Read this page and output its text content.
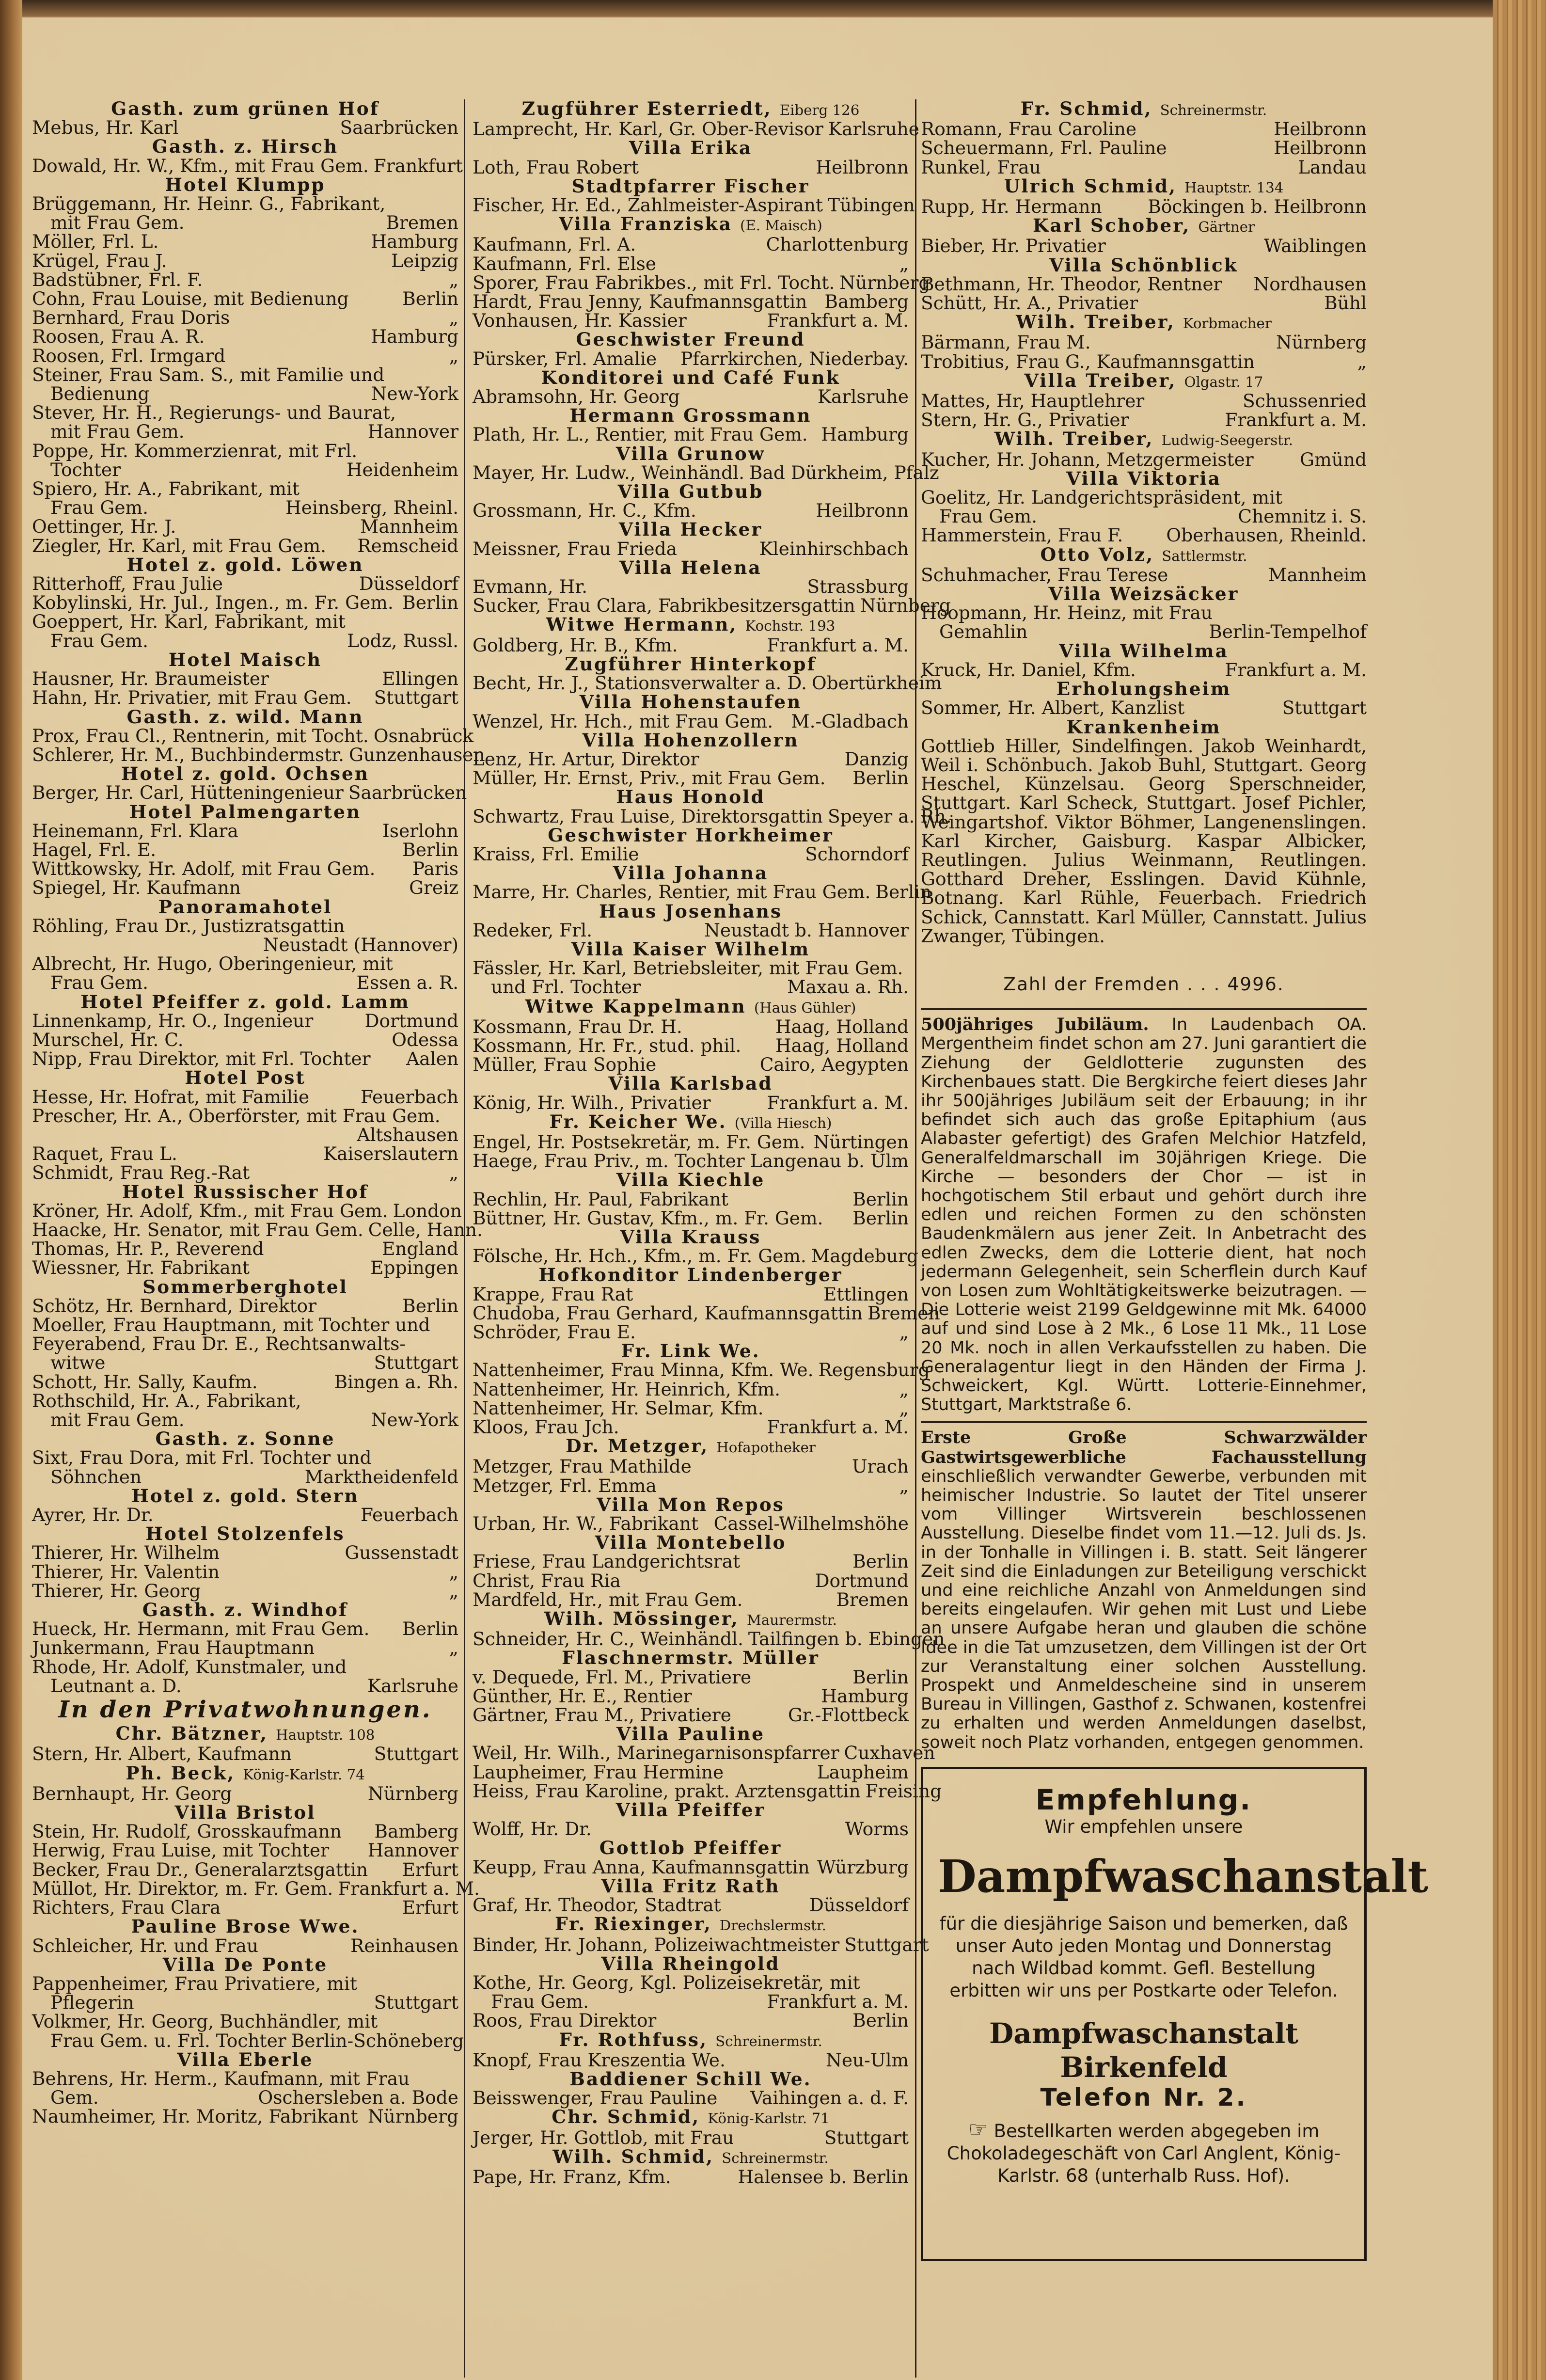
Gasth. zum grünen Hof
Mebus, Hr. Karl	Saarbrücken
Gasth. z. Hirsch
Dowald, Hr. W., Kfm., mit Frau Gem. Frankfurt
Hotel Klumpp
Brüggemann, Hr. Heinr. G., Fabrikant,
mit Frau Gem.	Bremen
Möller, Frl. L.	Hamburg
Krügel, Frau J.	Leipzig
Badstübner, Frl. F.	„
Cohn, Frau Louise, mit Bedienung	Berlin
Bernhard, Frau Doris	„
Roosen, Frau A. R.	Hamburg
Roosen, Frl. Irmgard	„
Steiner, Frau Sam. S., mit Familie und
Bedienung	New-York
Stever, Hr. H., Regierungs- und Baurat,
mit Frau Gem.	Hannover
Poppe, Hr. Kommerzienrat, mit Frl.
Tochter	Heidenheim
Spiero, Hr. A., Fabrikant, mit
Frau Gem.	Heinsberg, Rheinl.
Oettinger, Hr. J.	Mannheim
Ziegler, Hr. Karl, mit Frau Gem. Remscheid
Hotel z. gold. Löwen
Ritterhoff, Frau Julie	Düsseldorf
Kobylinski, Hr. Jul., Ingen., m. Fr. Gem. Berlin
Goeppert, Hr. Karl, Fabrikant, mit
Frau Gem.	Lodz, Russl.
Hotel Maisch
Hausner, Hr. Braumeister	Ellingen
Hahn, Hr. Privatier, mit Frau Gem. Stuttgart
Gasth. z. wild. Mann
Prox, Frau Cl., Rentnerin, mit Tocht. Osnabrück
Schlerer, Hr. M., Buchbindermstr. Gunzenhausen
Hotel z. gold. Ochsen
Berger, Hr. Carl, Hütteningenieur Saarbrücken
Hotel Palmengarten
Heinemann, Frl. Klara	Iserlohn
Hagel, Frl. E.	Berlin
Wittkowsky, Hr. Adolf, mit Frau Gem. Paris
Spiegel, Hr. Kaufmann	Greiz
Panoramahotel
Röhling, Frau Dr., Justizratsgattin
Neustadt (Hannover)
Albrecht, Hr. Hugo, Oberingenieur, mit
Frau Gem.	Essen a. R.
Hotel Pfeiffer z. gold. Lamm
Linnenkamp, Hr. O., Ingenieur	Dortmund
Murschel, Hr. C.	Odessa
Nipp, Frau Direktor, mit Frl. Tochter Aalen
Hotel Post
Hesse, Hr. Hofrat, mit Familie	Feuerbach
Prescher, Hr. A., Oberförster, mit Frau Gem.
Altshausen
Raquet, Frau L.	Kaiserslautern
Schmidt, Frau Reg.-Rat	„
Hotel Russischer Hof
Kröner, Hr. Adolf, Kfm., mit Frau Gem. London
Haacke, Hr. Senator, mit Frau Gem. Celle, Hann.
Thomas, Hr. P., Reverend	England
Wiessner, Hr. Fabrikant	Eppingen
Sommerberghotel
Schötz, Hr. Bernhard, Direktor	Berlin
Moeller, Frau Hauptmann, mit Tochter und
Feyerabend, Frau Dr. E., Rechtsanwalts-
witwe	Stuttgart
Schott, Hr. Sally, Kaufm.	Bingen a. Rh.
Rothschild, Hr. A., Fabrikant,
mit Frau Gem.	New-York
Gasth. z. Sonne
Sixt, Frau Dora, mit Frl. Tochter und
Söhnchen	Marktheidenfeld
Hotel z. gold. Stern
Ayrer, Hr. Dr.	Feuerbach
Hotel Stolzenfels
Thierer, Hr. Wilhelm	Gussenstadt
Thierer, Hr. Valentin	„
Thierer, Hr. Georg	„
Gasth. z. Windhof
Hueck, Hr. Hermann, mit Frau Gem. Berlin
Junkermann, Frau Hauptmann	„
Rhode, Hr. Adolf, Kunstmaler, und
Leutnant a. D.	Karlsruhe
In den Privatwohnungen.
Chr. Bätzner, Hauptstr. 108
Stern, Hr. Albert, Kaufmann	Stuttgart
Ph. Beck, König-Karlstr. 74
Bernhaupt, Hr. Georg	Nürnberg
Villa Bristol
Stein, Hr. Rudolf, Grosskaufmann Bamberg
Herwig, Frau Luise, mit Tochter Hannover
Becker, Frau Dr., Generalarztsgattin Erfurt
Müllot, Hr. Direktor, m. Fr. Gem. Frankfurt a. M.
Richters, Frau Clara	Erfurt
Pauline Brose Wwe.
Schleicher, Hr. und Frau	Reinhausen
Villa De Ponte
Pappenheimer, Frau Privatiere, mit
Pflegerin	Stuttgart
Volkmer, Hr. Georg, Buchhändler, mit
Frau Gem. u. Frl. Tochter Berlin-Schöneberg
Villa Eberle
Behrens, Hr. Herm., Kaufmann, mit Frau
Gem.	Oschersleben a. Bode
Naumheimer, Hr. Moritz, Fabrikant Nürnberg
Zugführer Esterriedt, Eiberg 126
Lamprecht, Hr. Karl, Gr. Ober-Revisor Karlsruhe
Villa Erika
Loth, Frau Robert	Heilbronn
Stadtpfarrer Fischer
Fischer, Hr. Ed., Zahlmeister-Aspirant Tübingen
Villa Franziska (E. Maisch)
Kaufmann, Frl. A.	Charlottenburg
Kaufmann, Frl. Else	„
Sporer, Frau Fabrikbes., mit Frl. Tocht. Nürnberg
Hardt, Frau Jenny, Kaufmannsgattin Bamberg
Vonhausen, Hr. Kassier	Frankfurt a. M.
Geschwister Freund
Pürsker, Frl. Amalie Pfarrkirchen, Niederbay.
Konditorei und Café Funk
Abramsohn, Hr. Georg	Karlsruhe
Hermann Grossmann
Plath, Hr. L., Rentier, mit Frau Gem. Hamburg
Villa Grunow
Mayer, Hr. Ludw., Weinhändl. Bad Dürkheim, Pfalz
Villa Gutbub
Grossmann, Hr. C., Kfm.	Heilbronn
Villa Hecker
Meissner, Frau Frieda	Kleinhirschbach
Villa Helena
Evmann, Hr.	Strassburg
Sucker, Frau Clara, Fabrikbesitzersgattin Nürnberg
Witwe Hermann, Kochstr. 193
Goldberg, Hr. B., Kfm.	Frankfurt a. M.
Zugführer Hinterkopf
Becht, Hr. J., Stationsverwalter a. D. Obertürkheim
Villa Hohenstaufen
Wenzel, Hr. Hch., mit Frau Gem. M.-Gladbach
Villa Hohenzollern
Lenz, Hr. Artur, Direktor	Danzig
Müller, Hr. Ernst, Priv., mit Frau Gem. Berlin
Haus Honold
Schwartz, Frau Luise, Direktorsgattin Speyer a. Rh.
Geschwister Horkheimer
Kraiss, Frl. Emilie	Schorndorf
Villa Johanna
Marre, Hr. Charles, Rentier, mit Frau Gem. Berlin
Haus Josenhans
Redeker, Frl.	Neustadt b. Hannover
Villa Kaiser Wilhelm
Fässler, Hr. Karl, Betriebsleiter, mit Frau Gem.
und Frl. Tochter	Maxau a. Rh.
Witwe Kappelmann (Haus Gühler)
Kossmann, Frau Dr. H.	Haag, Holland
Kossmann, Hr. Fr., stud. phil. Haag, Holland
Müller, Frau Sophie	Cairo, Aegypten
Villa Karlsbad
König, Hr. Wilh., Privatier	Frankfurt a. M.
Fr. Keicher We. (Villa Hiesch)
Engel, Hr. Postsekretär, m. Fr. Gem. Nürtingen
Haege, Frau Priv., m. Tochter Langenau b. Ulm
Villa Kiechle
Rechlin, Hr. Paul, Fabrikant	Berlin
Büttner, Hr. Gustav, Kfm., m. Fr. Gem. Berlin
Villa Krauss
Fölsche, Hr. Hch., Kfm., m. Fr. Gem. Magdeburg
Hofkonditor Lindenberger
Krappe, Frau Rat	Ettlingen
Chudoba, Frau Gerhard, Kaufmannsgattin Bremen
Schröder, Frau E.	„
Fr. Link We.
Nattenheimer, Frau Minna, Kfm. We. Regensburg
Nattenheimer, Hr. Heinrich, Kfm.	„
Nattenheimer, Hr. Selmar, Kfm.	„
Kloos, Frau Jch.	Frankfurt a. M.
Dr. Metzger, Hofapotheker
Metzger, Frau Mathilde	Urach
Metzger, Frl. Emma	„
Villa Mon Repos
Urban, Hr. W., Fabrikant Cassel-Wilhelmshöhe
Villa Montebello
Friese, Frau Landgerichtsrat	Berlin
Christ, Frau Ria	Dortmund
Mardfeld, Hr., mit Frau Gem.	Bremen
Wilh. Mössinger, Maurermstr.
Schneider, Hr. C., Weinhändl. Tailfingen b. Ebingen
Flaschnermstr. Müller
v. Dequede, Frl. M., Privatiere	Berlin
Günther, Hr. E., Rentier	Hamburg
Gärtner, Frau M., Privatiere	Gr.-Flottbeck
Villa Pauline
Weil, Hr. Wilh., Marinegarnisonspfarrer Cuxhaven
Laupheimer, Frau Hermine	Laupheim
Heiss, Frau Karoline, prakt. Arztensgattin Freising
Villa Pfeiffer
Wolff, Hr. Dr.	Worms
Gottlob Pfeiffer
Keupp, Frau Anna, Kaufmannsgattin Würzburg
Villa Fritz Rath
Graf, Hr. Theodor, Stadtrat	Düsseldorf
Fr. Riexinger, Drechslermstr.
Binder, Hr. Johann, Polizeiwachtmeister Stuttgart
Villa Rheingold
Kothe, Hr. Georg, Kgl. Polizeisekretär, mit
Frau Gem.	Frankfurt a. M.
Roos, Frau Direktor	Berlin
Fr. Rothfuss, Schreinermstr.
Knopf, Frau Kreszentia We.	Neu-Ulm
Baddiener Schill We.
Beisswenger, Frau Pauline Vaihingen a. d. F.
Chr. Schmid, König-Karlstr. 71
Jerger, Hr. Gottlob, mit Frau	Stuttgart
Wilh. Schmid, Schreinermstr.
Pape, Hr. Franz, Kfm.	Halensee b. Berlin
Fr. Schmid, Schreinermstr.
Romann, Frau Caroline	Heilbronn
Scheuermann, Frl. Pauline	Heilbronn
Runkel, Frau	Landau
Ulrich Schmid, Hauptstr. 134
Rupp, Hr. Hermann	Böckingen b. Heilbronn
Karl Schober, Gärtner
Bieber, Hr. Privatier	Waiblingen
Villa Schönblick
Bethmann, Hr. Theodor, Rentner Nordhausen
Schütt, Hr. A., Privatier	Bühl
Wilh. Treiber, Korbmacher
Bärmann, Frau M.	Nürnberg
Trobitius, Frau G., Kaufmannsgattin	„
Villa Treiber, Olgastr. 17
Mattes, Hr, Hauptlehrer	Schussenried
Stern, Hr. G., Privatier	Frankfurt a. M.
Wilh. Treiber, Ludwig-Seegerstr.
Kucher, Hr. Johann, Metzgermeister	Gmünd
Villa Viktoria
Goelitz, Hr. Landgerichtspräsident, mit
Frau Gem.	Chemnitz i. S.
Hammerstein, Frau F. Oberhausen, Rheinld.
Otto Volz, Sattlermstr.
Schuhmacher, Frau Terese	Mannheim
Villa Weizsäcker
Hoopmann, Hr. Heinz, mit Frau
Gemahlin	Berlin-Tempelhof
Villa Wilhelma
Kruck, Hr. Daniel, Kfm.	Frankfurt a. M.
Erholungsheim
Sommer, Hr. Albert, Kanzlist	Stuttgart
Krankenheim
Gottlieb Hiller, Sindelfingen. Jakob Weinhardt, Weil i. Schönbuch. Jakob Buhl, Stuttgart. Georg Heschel, Künzelsau. Georg Sperschneider, Stuttgart. Karl Scheck, Stuttgart. Josef Pichler, Weingartshof. Viktor Böhmer, Langenenslingen. Karl Kircher, Gaisburg. Kaspar Albicker, Reutlingen. Julius Weinmann, Reutlingen. Gotthard Dreher, Esslingen. David Kühnle, Botnang. Karl Rühle, Feuerbach. Friedrich Schick, Cannstatt. Karl Müller, Cannstatt. Julius Zwanger, Tübingen.
Zahl der Fremden . . . 4996.
500jähriges Jubiläum. In Laudenbach OA. Mergentheim findet schon am 27. Juni garantiert die Ziehung der Geldlotterie zugunsten des Kirchenbaues statt. Die Bergkirche feiert dieses Jahr ihr 500jähriges Jubiläum seit der Erbauung; in ihr befindet sich auch das große Epitaphium (aus Alabaster gefertigt) des Grafen Melchior Hatzfeld, Generalfeldmarschall im 30jährigen Kriege. Die Kirche — besonders der Chor — ist in hochgotischem Stil erbaut und gehört durch ihre edlen und reichen Formen zu den schönsten Baudenkmälern aus jener Zeit. In Anbetracht des edlen Zwecks, dem die Lotterie dient, hat noch jedermann Gelegenheit, sein Scherflein durch Kauf von Losen zum Wohltätigkeitswerke beizutragen. — Die Lotterie weist 2199 Geldgewinne mit Mk. 64000 auf und sind Lose à 2 Mk., 6 Lose 11 Mk., 11 Lose 20 Mk. noch in allen Verkaufsstellen zu haben. Die Generalagentur liegt in den Händen der Firma J. Schweickert, Kgl. Württ. Lotterie-Einnehmer, Stuttgart, Marktstraße 6.
Erste Große Schwarzwälder Gastwirtsgewerbliche Fachausstellung einschließlich verwandter Gewerbe, verbunden mit heimischer Industrie. So lautet der Titel unserer vom Villinger Wirtsverein beschlossenen Ausstellung. Dieselbe findet vom 11.—12. Juli ds. Js. in der Tonhalle in Villingen i. B. statt. Seit längerer Zeit sind die Einladungen zur Beteiligung verschickt und eine reichliche Anzahl von Anmeldungen sind bereits eingelaufen. Wir gehen mit Lust und Liebe an unsere Aufgabe heran und glauben die schöne Idee in die Tat umzusetzen, dem Villingen ist der Ort zur Veranstaltung einer solchen Ausstellung. Prospekt und Anmeldescheine sind in unserem Bureau in Villingen, Gasthof z. Schwanen, kostenfrei zu erhalten und werden Anmeldungen daselbst, soweit noch Platz vorhanden, entgegen genommen.
Empfehlung.
Wir empfehlen unsere
Dampfwaschanstalt
für die diesjährige Saison und bemerken, daß unser Auto jeden Montag und Donnerstag nach Wildbad kommt. Gefl. Bestellung erbitten wir uns per Postkarte oder Telefon.
Dampfwaschanstalt Birkenfeld
Telefon Nr. 2.
☞ Bestellkarten werden abgegeben im Chokoladegeschäft von Carl Anglent, König-Karlstr. 68 (unterhalb Russ. Hof).
